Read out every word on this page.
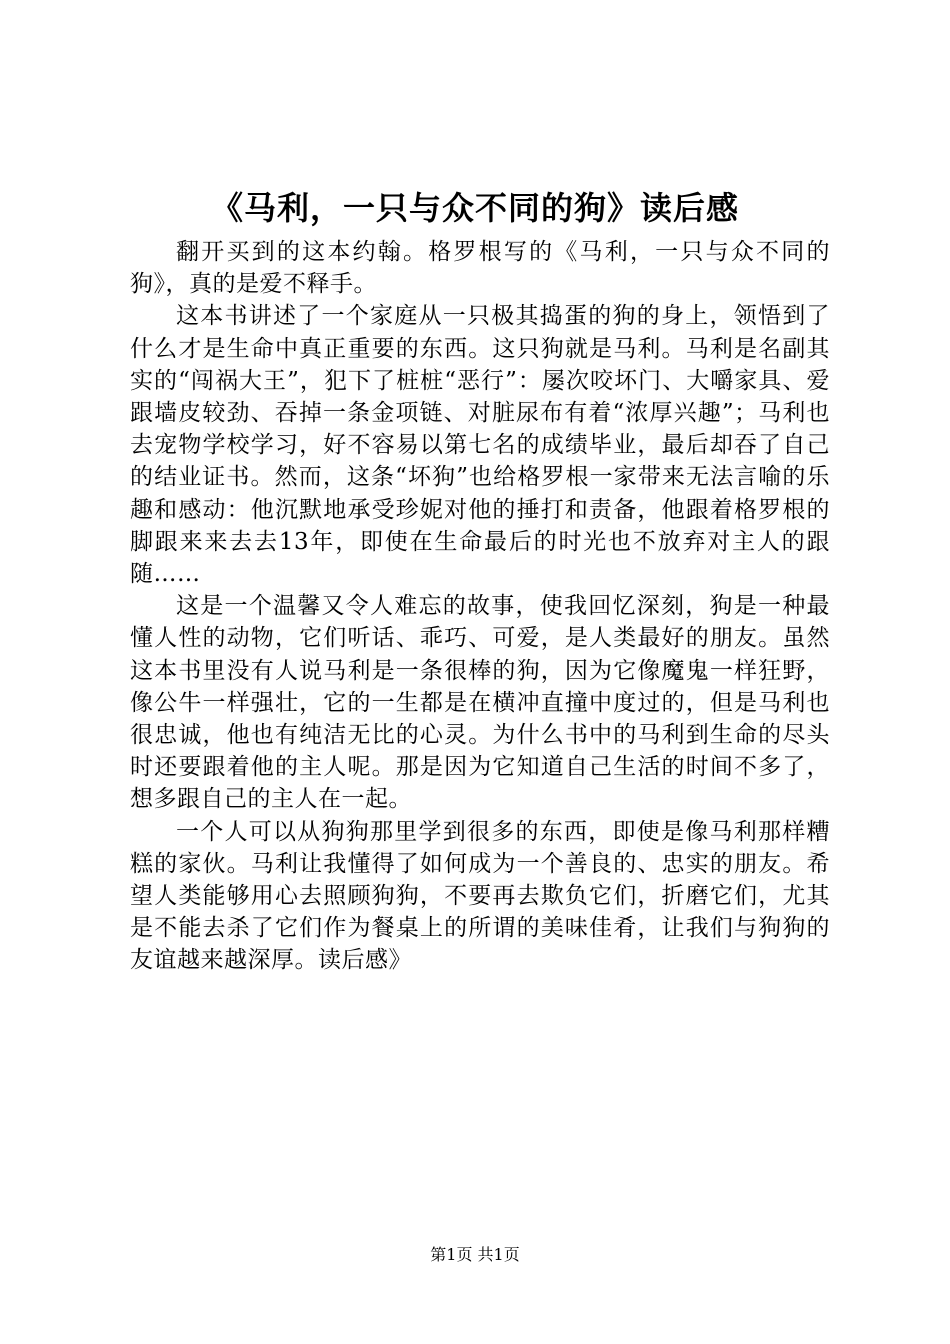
《马利，一只与众不同的狗》读后感

翻开买到的这本约翰。格罗根写的《马利，一只与众不同的狗》，真的是爱不释手。

这本书讲述了一个家庭从一只极其捣蛋的狗的身上，领悟到了什么才是生命中真正重要的东西。这只狗就是马利。马利是名副其实的“闯祸大王”，犯下了桩桩“恶行”：屡次咬坏门、大嚼家具、爱跟墙皮较劲、吞掉一条金项链、对脏尿布有着“浓厚兴趣”；马利也去宠物学校学习，好不容易以第七名的成绩毕业，最后却吞了自己的结业证书。然而，这条“坏狗”也给格罗根一家带来无法言喻的乐趣和感动：他沉默地承受珍妮对他的捶打和责备，他跟着格罗根的脚跟来来去去13年，即使在生命最后的时光也不放弃对主人的跟随……

这是一个温馨又令人难忘的故事，使我回忆深刻，狗是一种最懂人性的动物，它们听话、乖巧、可爱，是人类最好的朋友。虽然这本书里没有人说马利是一条很棒的狗，因为它像魔鬼一样狂野，像公牛一样强壮，它的一生都是在横冲直撞中度过的，但是马利也很忠诚，他也有纯洁无比的心灵。为什么书中的马利到生命的尽头时还要跟着他的主人呢。那是因为它知道自己生活的时间不多了，想多跟自己的主人在一起。

一个人可以从狗狗那里学到很多的东西，即使是像马利那样糟糕的家伙。马利让我懂得了如何成为一个善良的、忠实的朋友。希望人类能够用心去照顾狗狗，不要再去欺负它们，折磨它们，尤其是不能去杀了它们作为餐桌上的所谓的美味佳肴，让我们与狗狗的友谊越来越深厚。读后感》

第1页 共1页
